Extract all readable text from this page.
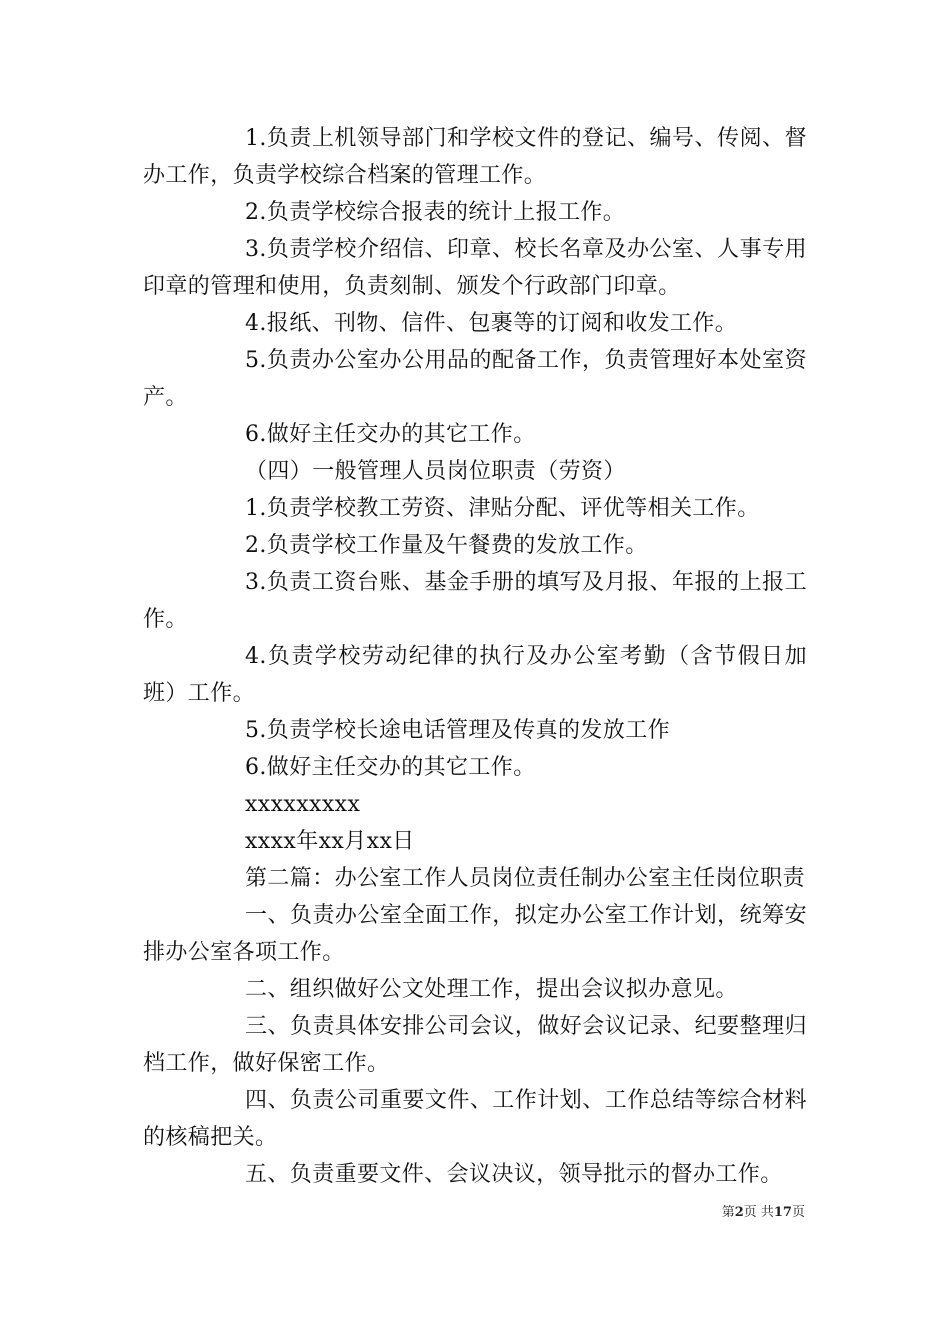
1.负责上机领导部门和学校文件的登记、编号、传阅、督办工作，负责学校综合档案的管理工作。

2.负责学校综合报表的统计上报工作。

3.负责学校介绍信、印章、校长名章及办公室、人事专用印章的管理和使用，负责刻制、颁发个行政部门印章。

4.报纸、刊物、信件、包裹等的订阅和收发工作。

5.负责办公室办公用品的配备工作，负责管理好本处室资产。

6.做好主任交办的其它工作。

（四）一般管理人员岗位职责（劳资）

1.负责学校教工劳资、津贴分配、评优等相关工作。

2.负责学校工作量及午餐费的发放工作。

3.负责工资台账、基金手册的填写及月报、年报的上报工作。

4.负责学校劳动纪律的执行及办公室考勤（含节假日加班）工作。

5.负责学校长途电话管理及传真的发放工作

6.做好主任交办的其它工作。

xxxxxxxxx

xxxx年xx月xx日

第二篇：办公室工作人员岗位责任制办公室主任岗位职责

一、负责办公室全面工作，拟定办公室工作计划，统筹安排办公室各项工作。

二、组织做好公文处理工作，提出会议拟办意见。

三、负责具体安排公司会议，做好会议记录、纪要整理归档工作，做好保密工作。

四、负责公司重要文件、工作计划、工作总结等综合材料的核稿把关。

五、负责重要文件、会议决议，领导批示的督办工作。

第2页 共17页
